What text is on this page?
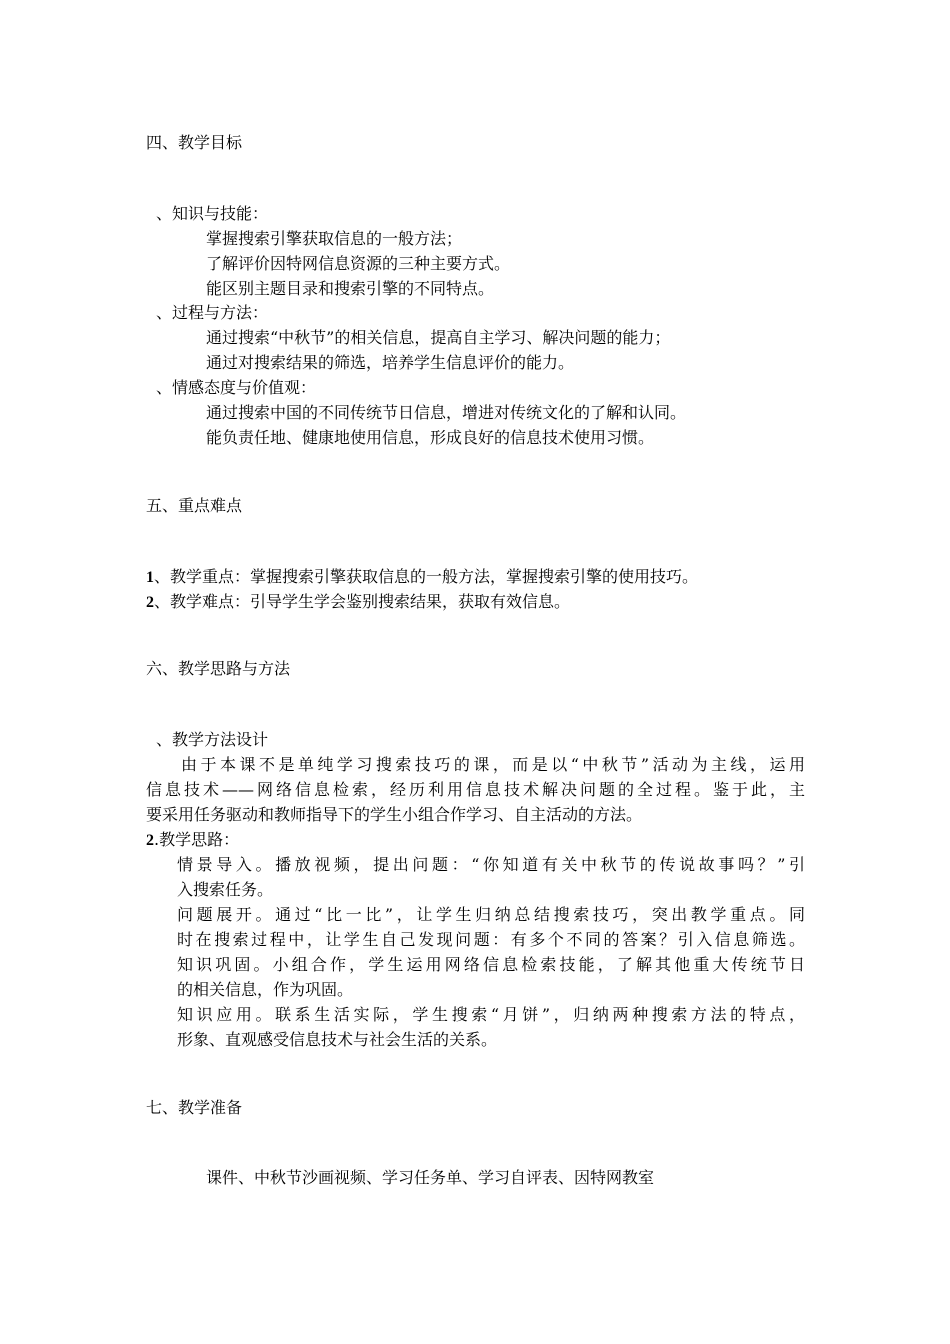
四、教学目标
、知识与技能：
掌握搜索引擎获取信息的一般方法；
了解评价因特网信息资源的三种主要方式。
能区别主题目录和搜索引擎的不同特点。
、过程与方法：
通过搜索“中秋节”的相关信息，提高自主学习、解决问题的能力；
通过对搜索结果的筛选，培养学生信息评价的能力。
、情感态度与价值观：
通过搜索中国的不同传统节日信息，增进对传统文化的了解和认同。
能负责任地、健康地使用信息，形成良好的信息技术使用习惯。
五、重点难点
1、教学重点：掌握搜索引擎获取信息的一般方法，掌握搜索引擎的使用技巧。
2、教学难点：引导学生学会鉴别搜索结果，获取有效信息。
六、教学思路与方法
、教学方法设计
由于本课不是单纯学习搜索技巧的课，而是以“中秋节”活动为主线，运用
信息技术——网络信息检索，经历利用信息技术解决问题的全过程。鉴于此，主
要采用任务驱动和教师指导下的学生小组合作学习、自主活动的方法。
2.教学思路：
情景导入。播放视频，提出问题：“你知道有关中秋节的传说故事吗？”引
入搜索任务。
问题展开。通过“比一比”，让学生归纳总结搜索技巧，突出教学重点。同
时在搜索过程中，让学生自己发现问题：有多个不同的答案？引入信息筛选。
知识巩固。小组合作，学生运用网络信息检索技能，了解其他重大传统节日
的相关信息，作为巩固。
知识应用。联系生活实际，学生搜索“月饼”，归纳两种搜索方法的特点，
形象、直观感受信息技术与社会生活的关系。
七、教学准备
课件、中秋节沙画视频、学习任务单、学习自评表、因特网教室
